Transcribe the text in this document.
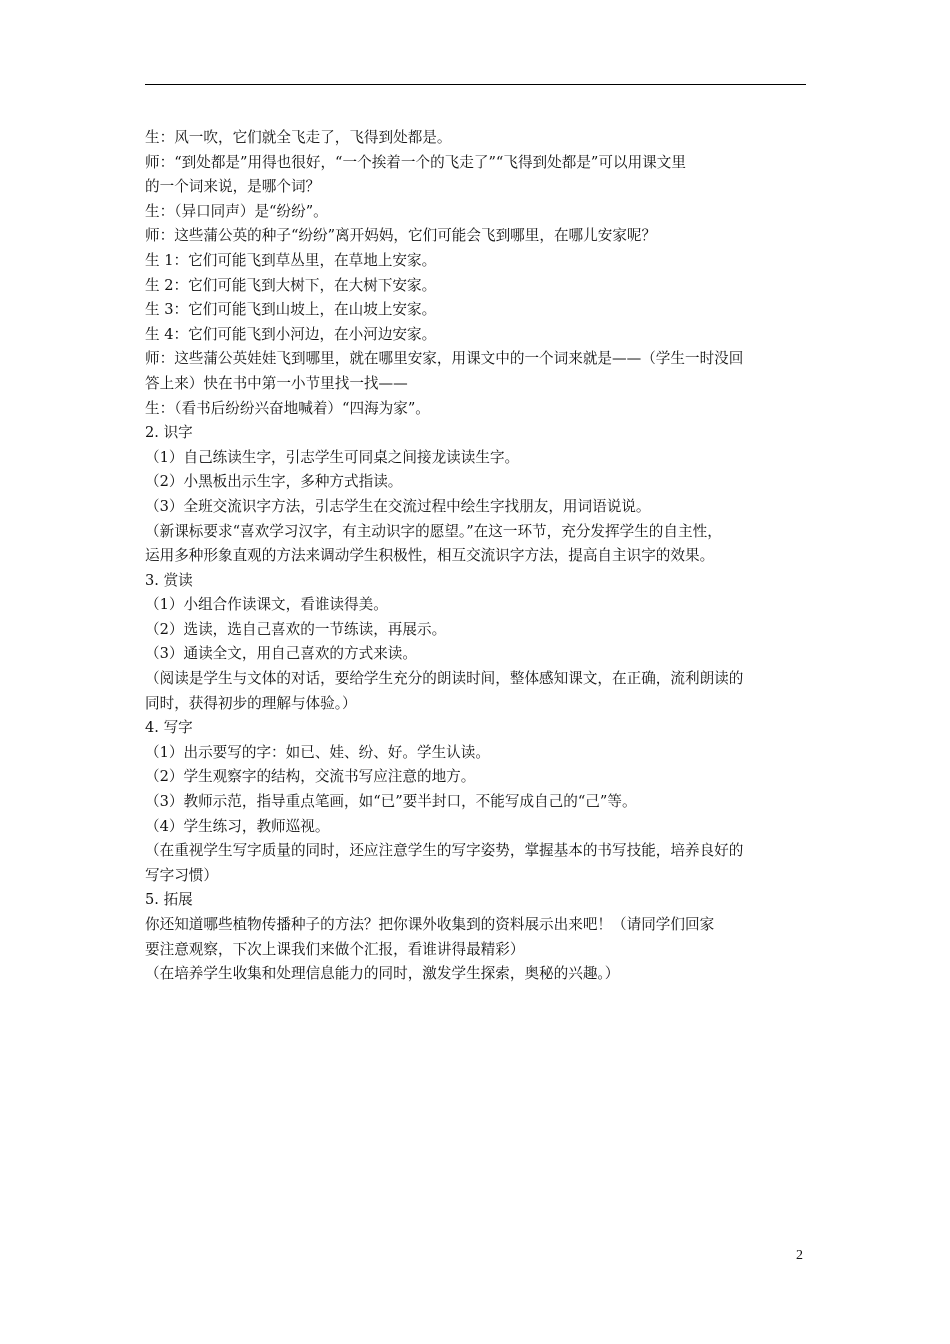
生：风一吹，它们就全飞走了，飞得到处都是。
师：“到处都是”用得也很好，“一个挨着一个的飞走了”“飞得到处都是”可以用课文里
的一个词来说，是哪个词？
生：（异口同声）是“纷纷”。
师：这些蒲公英的种子“纷纷”离开妈妈，它们可能会飞到哪里，在哪儿安家呢？
生 1：它们可能飞到草丛里，在草地上安家。
生 2：它们可能飞到大树下，在大树下安家。
生 3：它们可能飞到山坡上，在山坡上安家。
生 4：它们可能飞到小河边，在小河边安家。
师：这些蒲公英娃娃飞到哪里，就在哪里安家，用课文中的一个词来就是——（学生一时没回
答上来）快在书中第一小节里找一找——
生：（看书后纷纷兴奋地喊着）“四海为家”。
2. 识字
（1）自己练读生字，引志学生可同桌之间接龙读读生字。
（2）小黑板出示生字，多种方式指读。
（3）全班交流识字方法，引志学生在交流过程中绘生字找朋友，用词语说说。
（新课标要求“喜欢学习汉字，有主动识字的愿望。”在这一环节，充分发挥学生的自主性，
运用多种形象直观的方法来调动学生积极性，相互交流识字方法，提高自主识字的效果。
3. 赏读
（1）小组合作读课文，看谁读得美。
（2）选读，选自己喜欢的一节练读，再展示。
（3）通读全文，用自己喜欢的方式来读。
（阅读是学生与文体的对话，要给学生充分的朗读时间，整体感知课文，在正确，流利朗读的
同时，获得初步的理解与体验。）
4. 写字
（1）出示要写的字：如已、娃、纷、好。学生认读。
（2）学生观察字的结构，交流书写应注意的地方。
（3）教师示范，指导重点笔画，如“已”要半封口，不能写成自己的“己”等。
（4）学生练习，教师巡视。
（在重视学生写字质量的同时，还应注意学生的写字姿势，掌握基本的书写技能，培养良好的
写字习惯）
5. 拓展
你还知道哪些植物传播种子的方法？把你课外收集到的资料展示出来吧！（请同学们回家
要注意观察，下次上课我们来做个汇报，看谁讲得最精彩）
（在培养学生收集和处理信息能力的同时，激发学生探索，奥秘的兴趣。）
2
